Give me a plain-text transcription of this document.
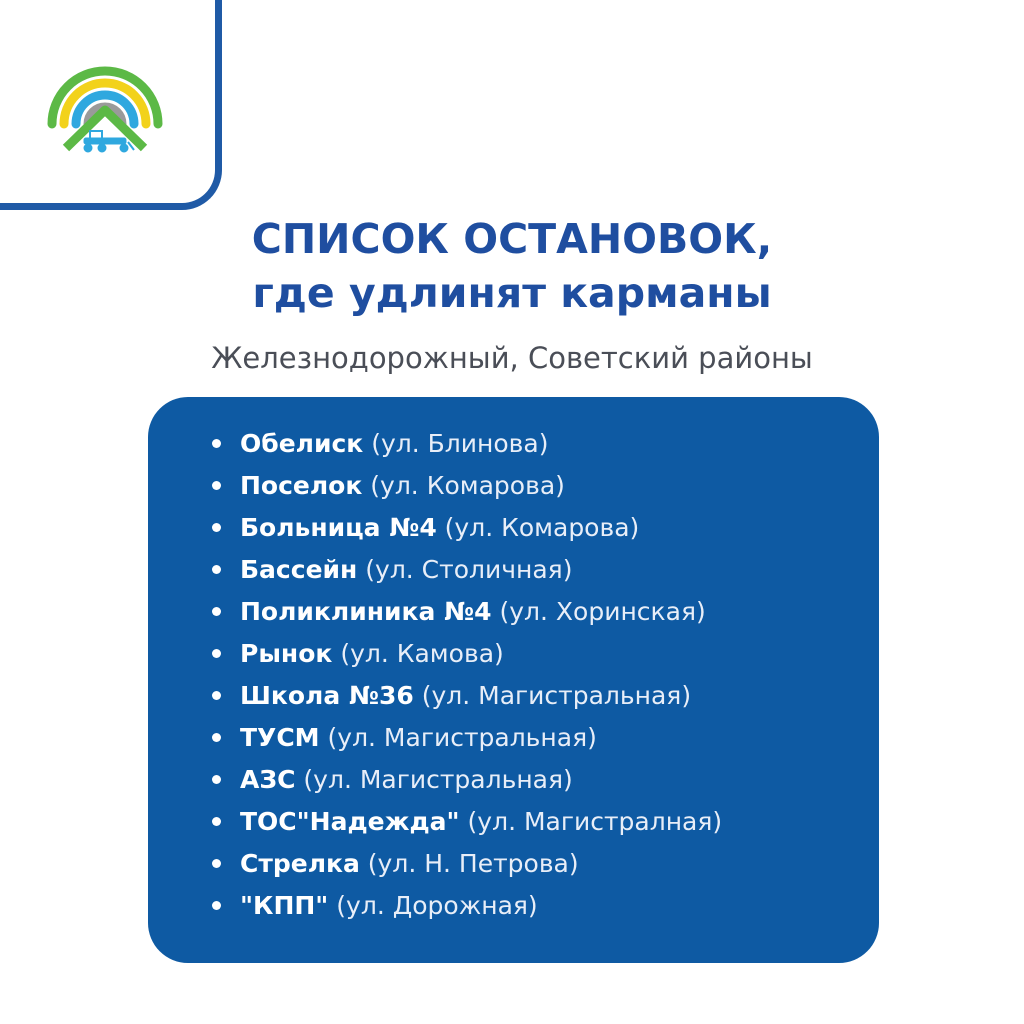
СПИСОК ОСТАНОВОК,
где удлинят карманы
Железнодорожный, Советский районы
Обелиск (ул. Блинова)
Поселок (ул. Комарова)
Больница №4 (ул. Комарова)
Бассейн (ул. Столичная)
Поликлиника №4 (ул. Хоринская)
Рынок (ул. Камова)
Школа №36 (ул. Магистральная)
ТУСМ (ул. Магистральная)
АЗС (ул. Магистральная)
ТОС"Надежда" (ул. Магистралная)
Стрелка (ул. Н. Петрова)
"КПП" (ул. Дорожная)
